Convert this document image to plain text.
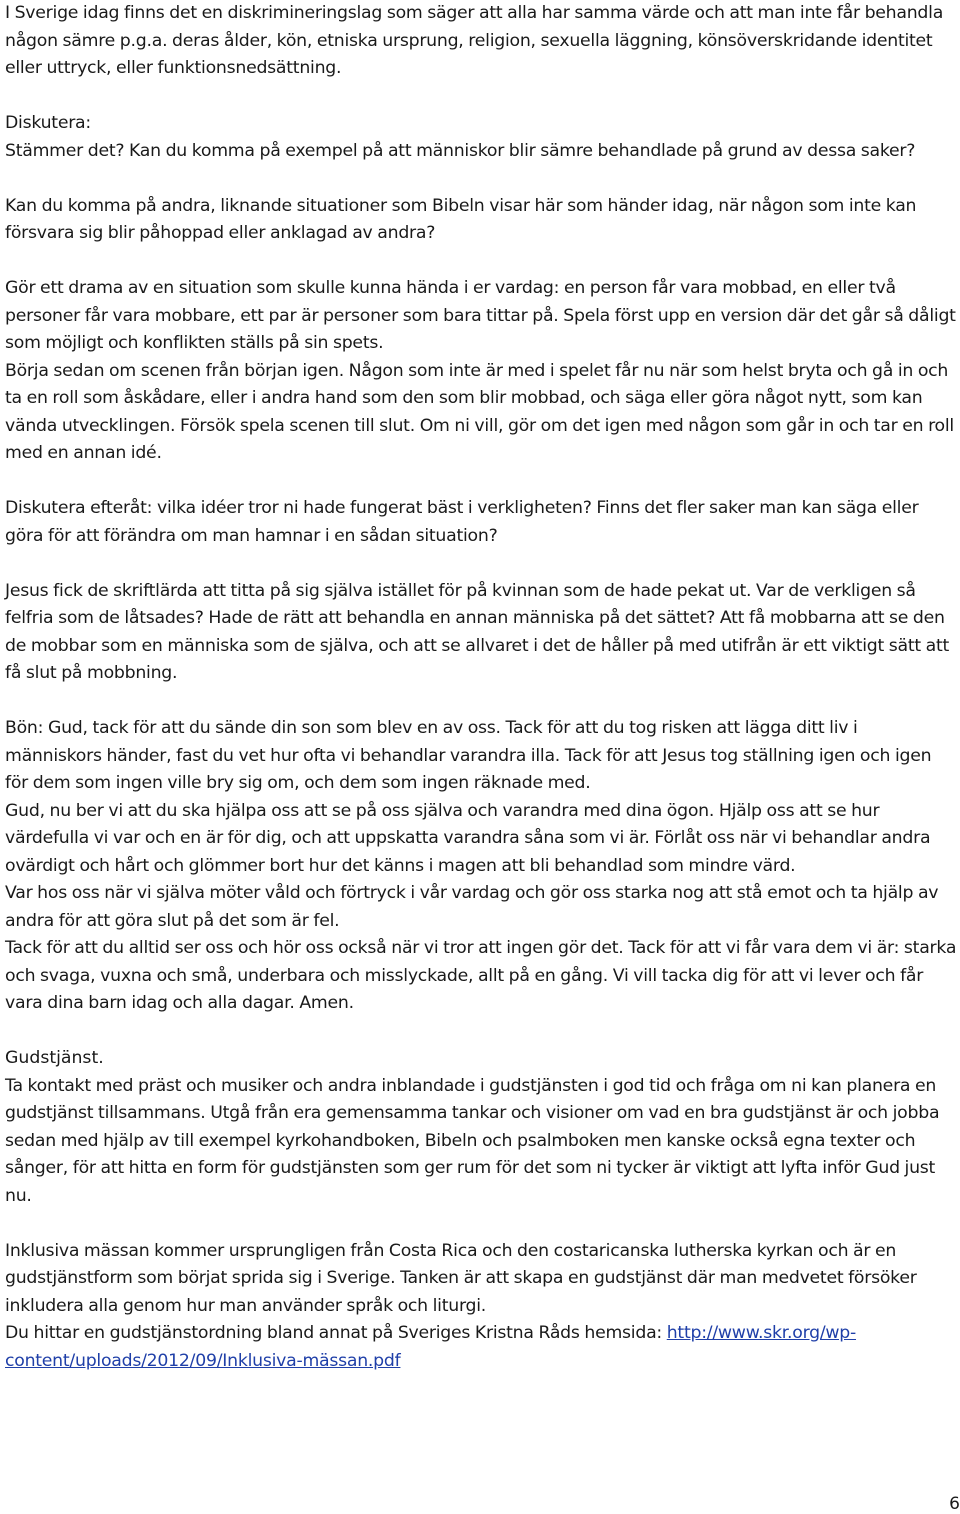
I Sverige idag finns det en diskrimineringslag som säger att alla har samma värde och att man inte får behandla någon sämre p.g.a. deras ålder, kön, etniska ursprung, religion, sexuella läggning, könsöverskridande identitet eller uttryck, eller funktionsnedsättning.

Diskutera:

Stämmer det? Kan du komma på exempel på att människor blir sämre behandlade på grund av dessa saker?

Kan du komma på andra, liknande situationer som Bibeln visar här som händer idag, när någon som inte kan försvara sig blir påhoppad eller anklagad av andra?

Gör ett drama av en situation som skulle kunna hända i er vardag: en person får vara mobbad, en eller två personer får vara mobbare, ett par är personer som bara tittar på. Spela först upp en version där det går så dåligt som möjligt och konflikten ställs på sin spets.

Börja sedan om scenen från början igen. Någon som inte är med i spelet får nu när som helst bryta och gå in och ta en roll som åskådare, eller i andra hand som den som blir mobbad, och säga eller göra något nytt, som kan vända utvecklingen. Försök spela scenen till slut. Om ni vill, gör om det igen med någon som går in och tar en roll med en annan idé.

Diskutera efteråt: vilka idéer tror ni hade fungerat bäst i verkligheten? Finns det fler saker man kan säga eller göra för att förändra om man hamnar i en sådan situation?

Jesus fick de skriftlärda att titta på sig själva istället för på kvinnan som de hade pekat ut. Var de verkligen så felfria som de låtsades? Hade de rätt att behandla en annan människa på det sättet? Att få mobbarna att se den de mobbar som en människa som de själva, och att se allvaret i det de håller på med utifrån är ett viktigt sätt att få slut på mobbning.

Bön: Gud, tack för att du sände din son som blev en av oss. Tack för att du tog risken att lägga ditt liv i människors händer, fast du vet hur ofta vi behandlar varandra illa. Tack för att Jesus tog ställning igen och igen för dem som ingen ville bry sig om, och dem som ingen räknade med.

Gud, nu ber vi att du ska hjälpa oss att se på oss själva och varandra med dina ögon. Hjälp oss att se hur värdefulla vi var och en är för dig, och att uppskatta varandra såna som vi är. Förlåt oss när vi behandlar andra ovärdigt och hårt och glömmer bort hur det känns i magen att bli behandlad som mindre värd.

Var hos oss när vi själva möter våld och förtryck i vår vardag och gör oss starka nog att stå emot och ta hjälp av andra för att göra slut på det som är fel.

Tack för att du alltid ser oss och hör oss också när vi tror att ingen gör det. Tack för att vi får vara dem vi är: starka och svaga, vuxna och små, underbara och misslyckade, allt på en gång. Vi vill tacka dig för att vi lever och får vara dina barn idag och alla dagar. Amen.

Gudstjänst.

Ta kontakt med präst och musiker och andra inblandade i gudstjänsten i god tid och fråga om ni kan planera en gudstjänst tillsammans. Utgå från era gemensamma tankar och visioner om vad en bra gudstjänst är och jobba sedan med hjälp av till exempel kyrkohandboken, Bibeln och psalmboken men kanske också egna texter och sånger, för att hitta en form för gudstjänsten som ger rum för det som ni tycker är viktigt att lyfta inför Gud just nu.

Inklusiva mässan kommer ursprungligen från Costa Rica och den costaricanska lutherska kyrkan och är en gudstjänstform som börjat sprida sig i Sverige. Tanken är att skapa en gudstjänst där man medvetet försöker inkludera alla genom hur man använder språk och liturgi.

Du hittar en gudstjänstordning bland annat på Sveriges Kristna Råds hemsida: http://www.skr.org/wp-content/uploads/2012/09/Inklusiva-mässan.pdf

6
